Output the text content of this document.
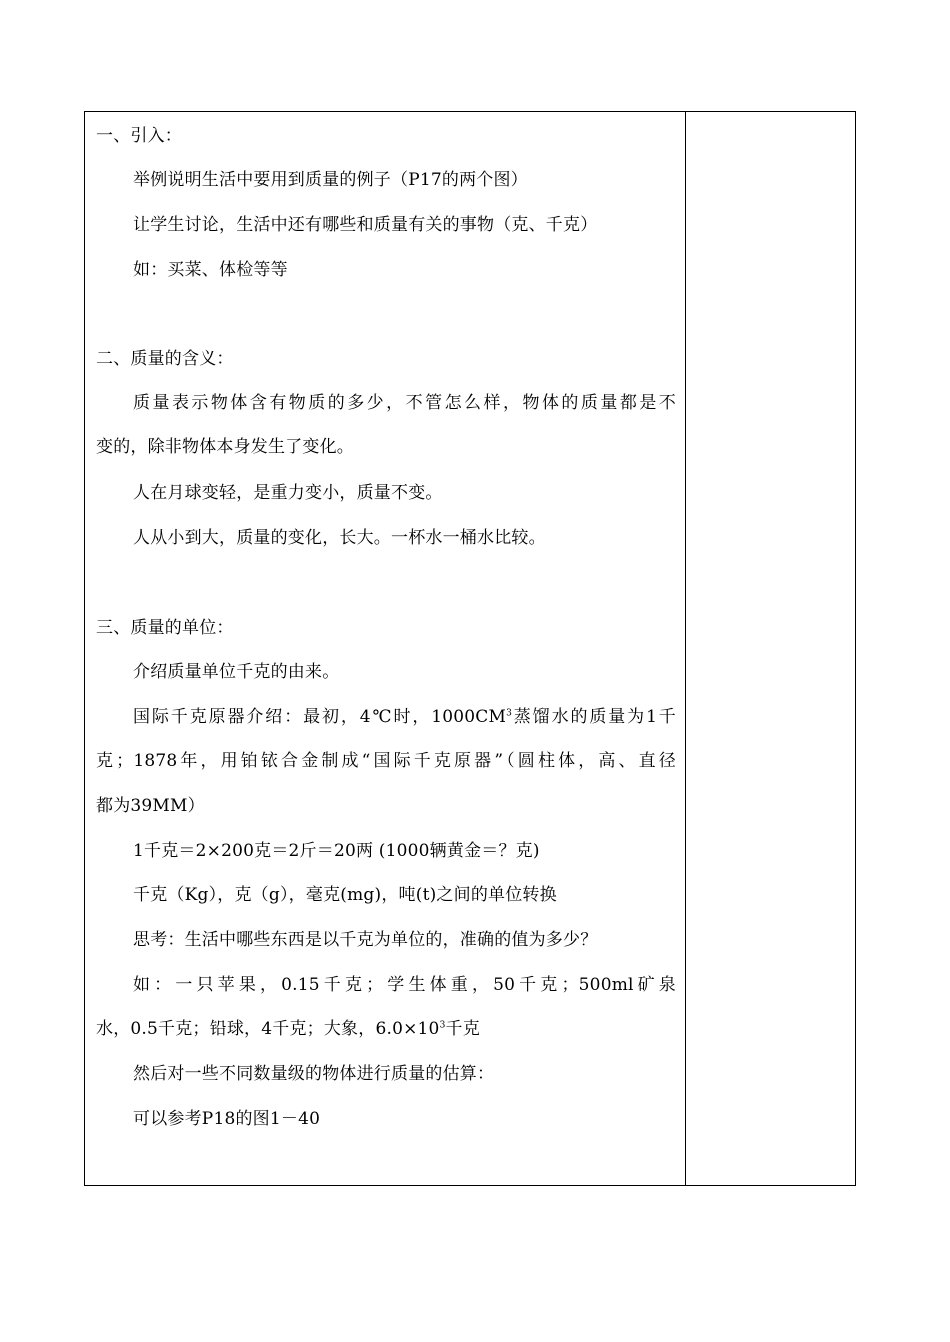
一、引入：
举例说明生活中要用到质量的例子（P17的两个图）
让学生讨论，生活中还有哪些和质量有关的事物（克、千克）
如：买菜、体检等等
二、质量的含义：
质量表示物体含有物质的多少，不管怎么样，物体的质量都是不
变的，除非物体本身发生了变化。
人在月球变轻，是重力变小，质量不变。
人从小到大，质量的变化，长大。一杯水一桶水比较。
三、质量的单位：
介绍质量单位千克的由来。
国际千克原器介绍：最初，4℃时，$1000CM^3$蒸馏水的质量为1千
克；1878年，用铂铱合金制成“国际千克原器”（圆柱体，高、直径
都为39MM）
1千克＝2×200克＝2斤＝20两 (1000辆黄金＝？克)
千克（Kg），克（g），毫克(mg)，吨(t)之间的单位转换
思考：生活中哪些东西是以千克为单位的，准确的值为多少？
如：一只苹果，0.15千克；学生体重，50千克；500ml矿泉
水，0.5千克；铅球，4千克；大象，$6.0\times 10^3$千克
然后对一些不同数量级的物体进行质量的估算：
可以参考P18的图1－40
